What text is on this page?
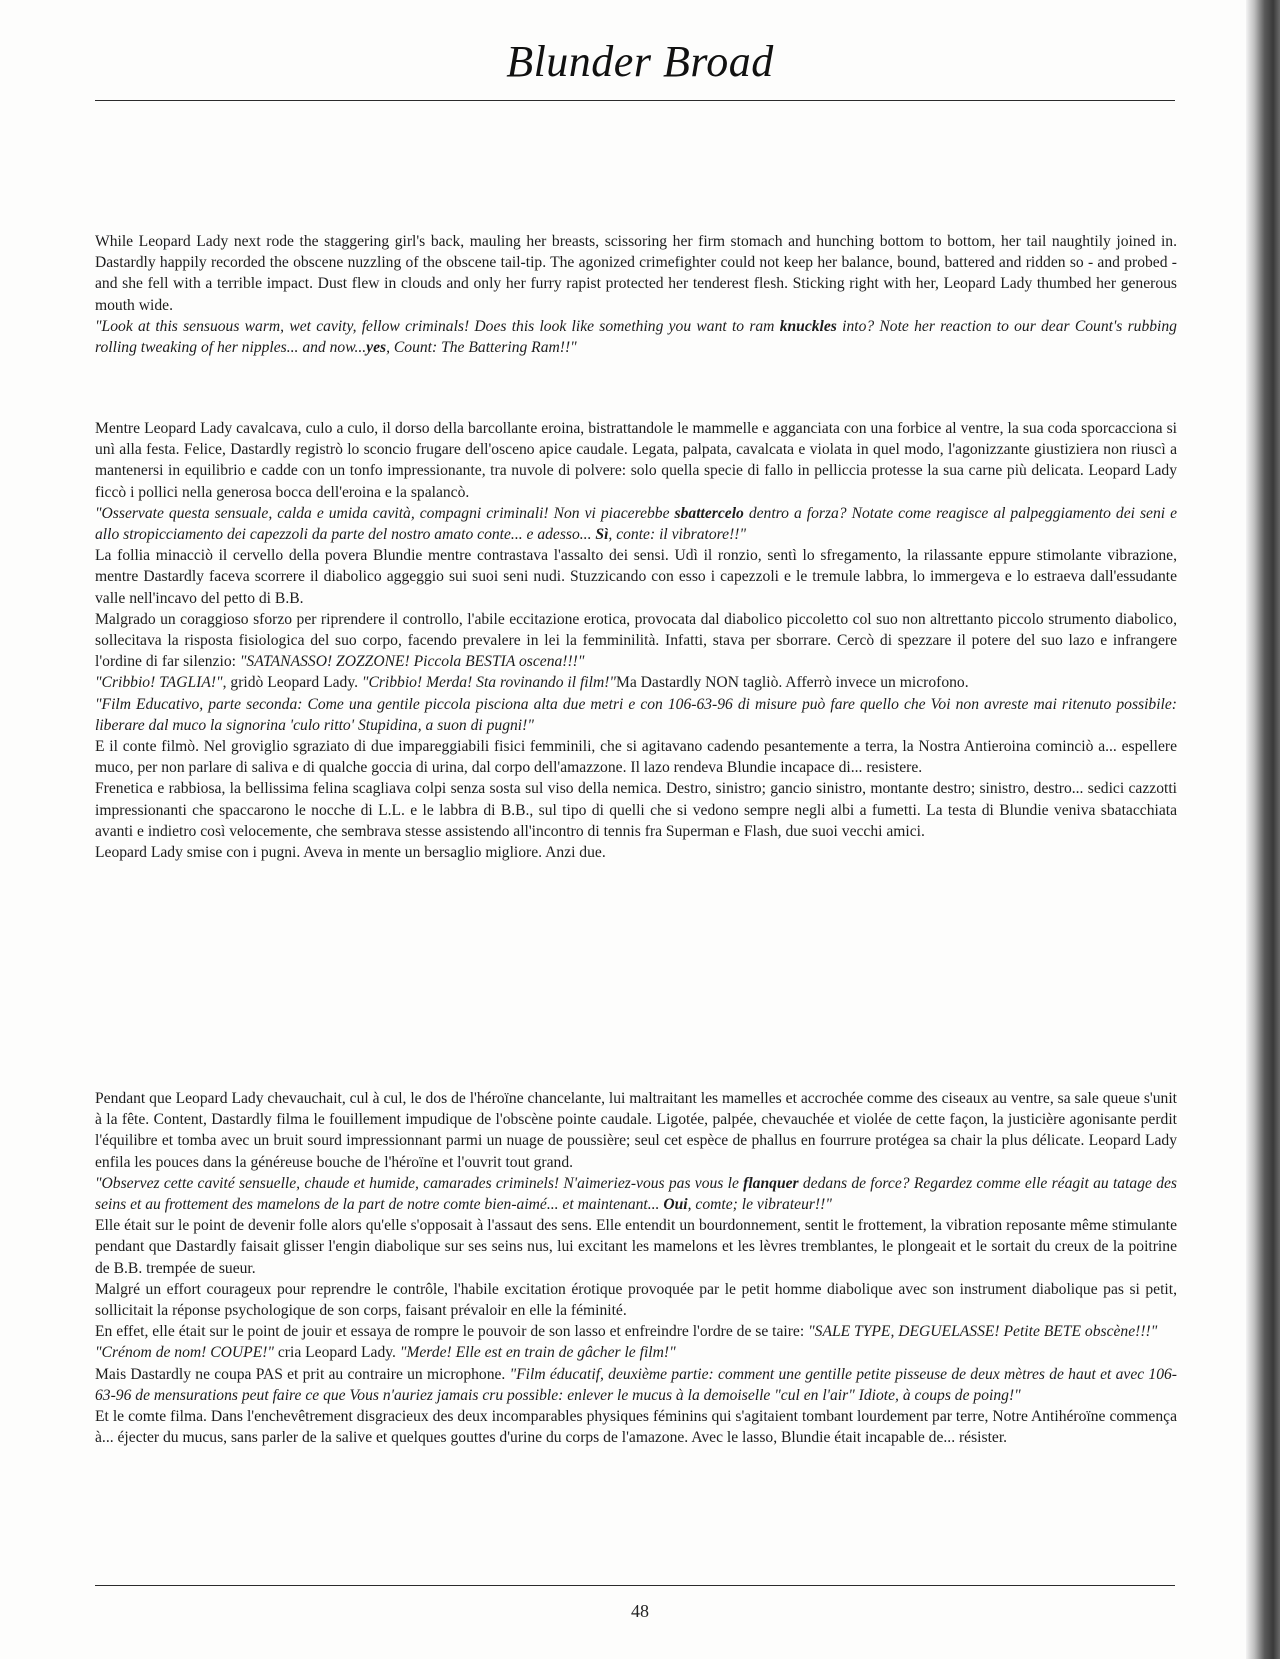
Blunder Broad

While Leopard Lady next rode the staggering girl's back, mauling her breasts, scissoring her firm stomach and hunching bottom to bottom, her tail naughtily joined in. Dastardly happily recorded the obscene nuzzling of the obscene tail-tip. The agonized crimefighter could not keep her balance, bound, battered and ridden so - and probed - and she fell with a terrible impact. Dust flew in clouds and only her furry rapist protected her tenderest flesh. Sticking right with her, Leopard Lady thumbed her generous mouth wide.

"Look at this sensuous warm, wet cavity, fellow criminals! Does this look like something you want to ram knuckles into? Note her reaction to our dear Count's rubbing rolling tweaking of her nipples... and now...yes, Count: The Battering Ram!!"

Mentre Leopard Lady cavalcava, culo a culo, il dorso della barcollante eroina, bistrattandole le mammelle e agganciata con una forbice al ventre, la sua coda sporcacciona si unì alla festa. Felice, Dastardly registrò lo sconcio frugare dell'osceno apice caudale. Legata, palpata, cavalcata e violata in quel modo, l'agonizzante giustiziera non riuscì a mantenersi in equilibrio e cadde con un tonfo impressionante, tra nuvole di polvere: solo quella specie di fallo in pelliccia protesse la sua carne più delicata. Leopard Lady ficcò i pollici nella generosa bocca dell'eroina e la spalancò.

"Osservate questa sensuale, calda e umida cavità, compagni criminali! Non vi piacerebbe sbattercelo dentro a forza? Notate come reagisce al palpeggiamento dei seni e allo stropicciamento dei capezzoli da parte del nostro amato conte... e adesso... Sì, conte: il vibratore!!"

La follia minacciò il cervello della povera Blundie mentre contrastava l'assalto dei sensi. Udì il ronzio, sentì lo sfregamento, la rilassante eppure stimolante vibrazione, mentre Dastardly faceva scorrere il diabolico aggeggio sui suoi seni nudi. Stuzzicando con esso i capezzoli e le tremule labbra, lo immergeva e lo estraeva dall'essudante valle nell'incavo del petto di B.B.

Malgrado un coraggioso sforzo per riprendere il controllo, l'abile eccitazione erotica, provocata dal diabolico piccoletto col suo non altrettanto piccolo strumento diabolico, sollecitava la risposta fisiologica del suo corpo, facendo prevalere in lei la femminilità. Infatti, stava per sborrare. Cercò di spezzare il potere del suo lazo e infrangere l'ordine di far silenzio: "SATANASSO! ZOZZONE! Piccola BESTIA oscena!!!"

"Cribbio! TAGLIA!", gridò Leopard Lady. "Cribbio! Merda! Sta rovinando il film!"Ma Dastardly NON tagliò. Afferrò invece un microfono.

"Film Educativo, parte seconda: Come una gentile piccola piscionа alta due metri e con 106-63-96 di misure può fare quello che Voi non avreste mai ritenuto possibile: liberare dal muco la signorina 'culo ritto' Stupidina, a suon di pugni!"

E il conte filmò. Nel groviglio sgraziato di due impareggiabili fisici femminili, che si agitavano cadendo pesantemente a terra, la Nostra Antieroina cominciò a... espellere muco, per non parlare di saliva e di qualche goccia di urina, dal corpo dell'amazzone. Il lazo rendeva Blundie incapace di... resistere.

Frenetica e rabbiosa, la bellissima felina scagliava colpi senza sosta sul viso della nemica. Destro, sinistro; gancio sinistro, montante destro; sinistro, destro... sedici cazzotti impressionanti che spaccarono le nocche di L.L. e le labbra di B.B., sul tipo di quelli che si vedono sempre negli albi a fumetti. La testa di Blundie veniva sbatacchiata avanti e indietro così velocemente, che sembrava stesse assistendo all'incontro di tennis fra Superman e Flash, due suoi vecchi amici.

Leopard Lady smise con i pugni. Aveva in mente un bersaglio migliore. Anzi due.

Pendant que Leopard Lady chevauchait, cul à cul, le dos de l'héroïne chancelante, lui maltraitant les mamelles et accrochée comme des ciseaux au ventre, sa sale queue s'unit à la fête. Content, Dastardly filma le fouillement impudique de l'obscène pointe caudale. Ligotée, palpée, chevauchée et violée de cette façon, la justicière agonisante perdit l'équilibre et tomba avec un bruit sourd impressionnant parmi un nuage de poussière; seul cet espèce de phallus en fourrure protégea sa chair la plus délicate. Leopard Lady enfila les pouces dans la généreuse bouche de l'héroïne et l'ouvrit tout grand.

"Observez cette cavité sensuelle, chaude et humide, camarades criminels! N'aimeriez-vous pas vous le flanquer dedans de force? Regardez comme elle réagit au tatage des seins et au frottement des mamelons de la part de notre comte bien-aimé... et maintenant... Oui, comte; le vibrateur!!"

Elle était sur le point de devenir folle alors qu'elle s'opposait à l'assaut des sens. Elle entendit un bourdonnement, sentit le frottement, la vibration reposante même stimulante pendant que Dastardly faisait glisser l'engin diabolique sur ses seins nus, lui excitant les mamelons et les lèvres tremblantes, le plongeait et le sortait du creux de la poitrine de B.B. trempée de sueur.

Malgré un effort courageux pour reprendre le contrôle, l'habile excitation érotique provoquée par le petit homme diabolique avec son instrument diabolique pas si petit, sollicitait la réponse psychologique de son corps, faisant prévaloir en elle la féminité.

En effet, elle était sur le point de jouir et essaya de rompre le pouvoir de son lasso et enfreindre l'ordre de se taire: "SALE TYPE, DEGUELASSE! Petite BETE obscène!!!"

"Crénom de nom! COUPE!" cria Leopard Lady. "Merde! Elle est en train de gâcher le film!"

Mais Dastardly ne coupa PAS et prit au contraire un microphone. "Film éducatif, deuxième partie: comment une gentille petite pisseuse de deux mètres de haut et avec 106-63-96 de mensurations peut faire ce que Vous n'auriez jamais cru possible: enlever le mucus à la demoiselle "cul en l'air" Idiote, à coups de poing!"

Et le comte filma. Dans l'enchevêtrement disgracieux des deux incomparables physiques féminins qui s'agitaient tombant lourdement par terre, Notre Antihéroïne commença à... éjecter du mucus, sans parler de la salive et quelques gouttes d'urine du corps de l'amazone. Avec le lasso, Blundie était incapable de... résister.

48
